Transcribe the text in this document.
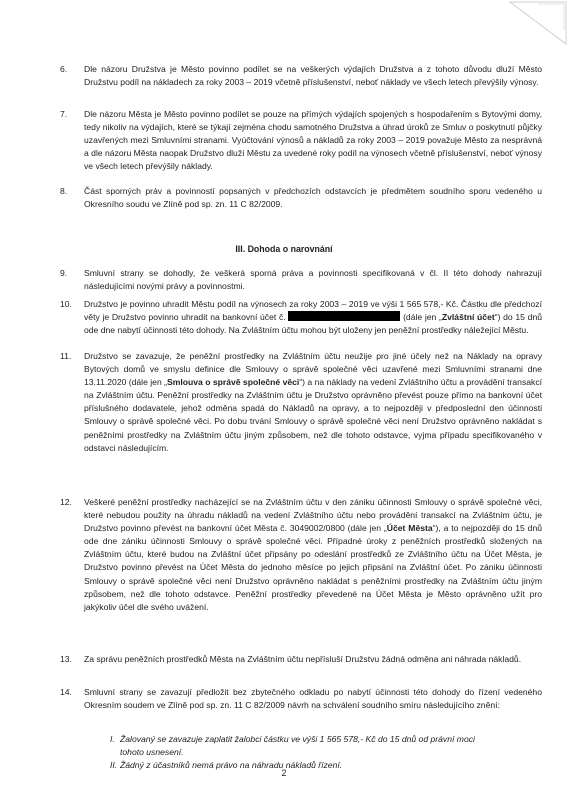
6.	Dle názoru Družstva je Město povinno podílet se na veškerých výdajích Družstva a z tohoto důvodu dluží Město Družstvu podíl na nákladech za roky 2003 – 2019 včetně příslušenství, neboť náklady ve všech letech převýšily výnosy.
7.	Dle názoru Města je Město povinno podílet se pouze na přímých výdajích spojených s hospodařením s Bytovými domy, tedy nikoliv na výdajích, které se týkají zejména chodu samotného Družstva a úhrad úroků ze Smluv o poskytnutí půjčky uzavřených mezi Smluvními stranami. Vyúčtování výnosů a nákladů za roky 2003 – 2019 považuje Město za nesprávná a dle názoru Města naopak Družstvo dluží Městu za uvedené roky podíl na výnosech včetně příslušenství, neboť výnosy ve všech letech převýšily náklady.
8.	Část sporných práv a povinností popsaných v předchozích odstavcích je předmětem soudního sporu vedeného u Okresního soudu ve Zlíně pod sp. zn. 11 C 82/2009.
III. Dohoda o narovnání
9.	Smluvní strany se dohodly, že veškerá sporná práva a povinnosti specifikovaná v čl. II této dohody nahrazují následujícími novými právy a povinnostmi.
10.	Družstvo je povinno uhradit Městu podíl na výnosech za roky 2003 – 2019 ve výši 1 565 578,- Kč. Částku dle předchozí věty je Družstvo povinno uhradit na bankovní účet č.	(dále jen „Zvláštní účet“) do 15 dnů ode dne nabytí účinnosti této dohody. Na Zvláštním účtu mohou být uloženy jen peněžní prostředky náležející Městu.
11.	Družstvo se zavazuje, že peněžní prostředky na Zvláštním účtu neužije pro jiné účely než na Náklady na opravy Bytových domů ve smyslu definice dle Smlouvy o správě společné věci uzavřené mezi Smluvními stranami dne 13.11.2020 (dále jen „Smlouva o správě společné věci“) a na náklady na vedení Zvláštního účtu a provádění transakcí na Zvláštním účtu. Peněžní prostředky na Zvláštním účtu je Družstvo oprávněno převést pouze přímo na bankovní účet příslušného dodavatele, jehož odměna spadá do Nákladů na opravy, a to nejpozději v předposlední den účinnosti Smlouvy o správě společné věci. Po dobu trvání Smlouvy o správě společné věci není Družstvo oprávněno nakládat s peněžními prostředky na Zvláštním účtu jiným způsobem, než dle tohoto odstavce, vyjma případu specifikovaného v odstavci následujícím.
12.	Veškeré peněžní prostředky nacházející se na Zvláštním účtu v den zániku účinnosti Smlouvy o správě společné věci, které nebudou použity na úhradu nákladů na vedení Zvláštního účtu nebo provádění transakcí na Zvláštním účtu, je Družstvo povinno převést na bankovní účet Města č. 3049002/0800 (dále jen „Účet Města“), a to nejpozději do 15 dnů ode dne zániku účinnosti Smlouvy o správě společné věci. Případné úroky z peněžních prostředků složených na Zvláštním účtu, které budou na Zvláštní účet připsány po odeslání prostředků ze Zvláštního účtu na Účet Města, je Družstvo povinno převést na Účet Města do jednoho měsíce po jejich připsání na Zvláštní účet. Po zániku účinnosti Smlouvy o správě společné věci není Družstvo oprávněno nakládat s peněžními prostředky na Zvláštním účtu jiným způsobem, než dle tohoto odstavce. Peněžní prostředky převedené na Účet Města je Město oprávněno užít pro jakýkoliv účel dle svého uvážení.
13.	Za správu peněžních prostředků Města na Zvláštním účtu nepřísluší Družstvu žádná odměna ani náhrada nákladů.
14.	Smluvní strany se zavazují předložit bez zbytečného odkladu po nabytí účinnosti této dohody do řízení vedeného Okresním soudem ve Zlíně pod sp. zn. 11 C 82/2009 návrh na schválení soudního smíru následujícího znění:
I. Žalovaný se zavazuje zaplatit žalobci částku ve výši 1 565 578,- Kč do 15 dnů od právní moci tohoto usnesení.
II. Žádný z účastníků nemá právo na náhradu nákladů řízení.
2
